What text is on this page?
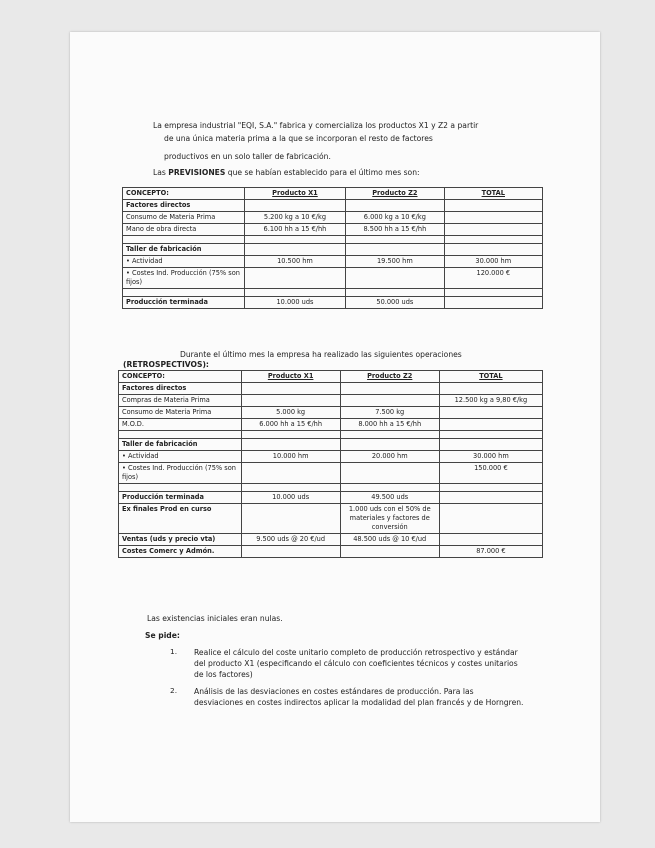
La empresa industrial "EQI, S.A." fabrica y comercializa los productos X1 y Z2 a partir

de una única materia prima a la que se incorporan el resto de factores

productivos en un solo taller de fabricación.

Las PREVISIONES que se habían establecido para el último mes son:

CONCEPTO:	Producto X1	Producto Z2	TOTAL
Factores directos			
Consumo de Materia Prima	5.200 kg a 10 €/kg	6.000 kg a 10 €/kg	
Mano de obra directa	6.100 hh a 15 €/hh	8.500 hh a 15 €/hh	

Taller de fabricación			
• Actividad	10.500 hm	19.500 hm	30.000 hm
• Costes Ind. Producción (75% son fijos)			120.000 €

Producción terminada	10.000 uds	50.000 uds	

Durante el último mes la empresa ha realizado las siguientes operaciones

(RETROSPECTIVOS):

CONCEPTO:	Producto X1	Producto Z2	TOTAL
Factores directos			
Compras de Materia Prima			12.500 kg a 9,80 €/kg
Consumo de Materia Prima	5.000 kg	7.500 kg	
M.O.D.	6.000 hh a 15 €/hh	8.000 hh a 15 €/hh	

Taller de fabricación			
• Actividad	10.000 hm	20.000 hm	30.000 hm
• Costes Ind. Producción (75% son fijos)			150.000 €

Producción terminada	10.000 uds	49.500 uds	
Ex finales Prod en curso		1.000 uds con el 50% de materiales y factores de conversión	
Ventas (uds y precio vta)	9.500 uds @ 20 €/ud	48.500 uds @ 10 €/ud	
Costes Comerc y Admón.			87.000 €

Las existencias iniciales eran nulas.

Se pide:

1. Realice el cálculo del coste unitario completo de producción retrospectivo y estándar del producto X1 (especificando el cálculo con coeficientes técnicos y costes unitarios de los factores)

2. Análisis de las desviaciones en costes estándares de producción. Para las desviaciones en costes indirectos aplicar la modalidad del plan francés y de Horngren.
